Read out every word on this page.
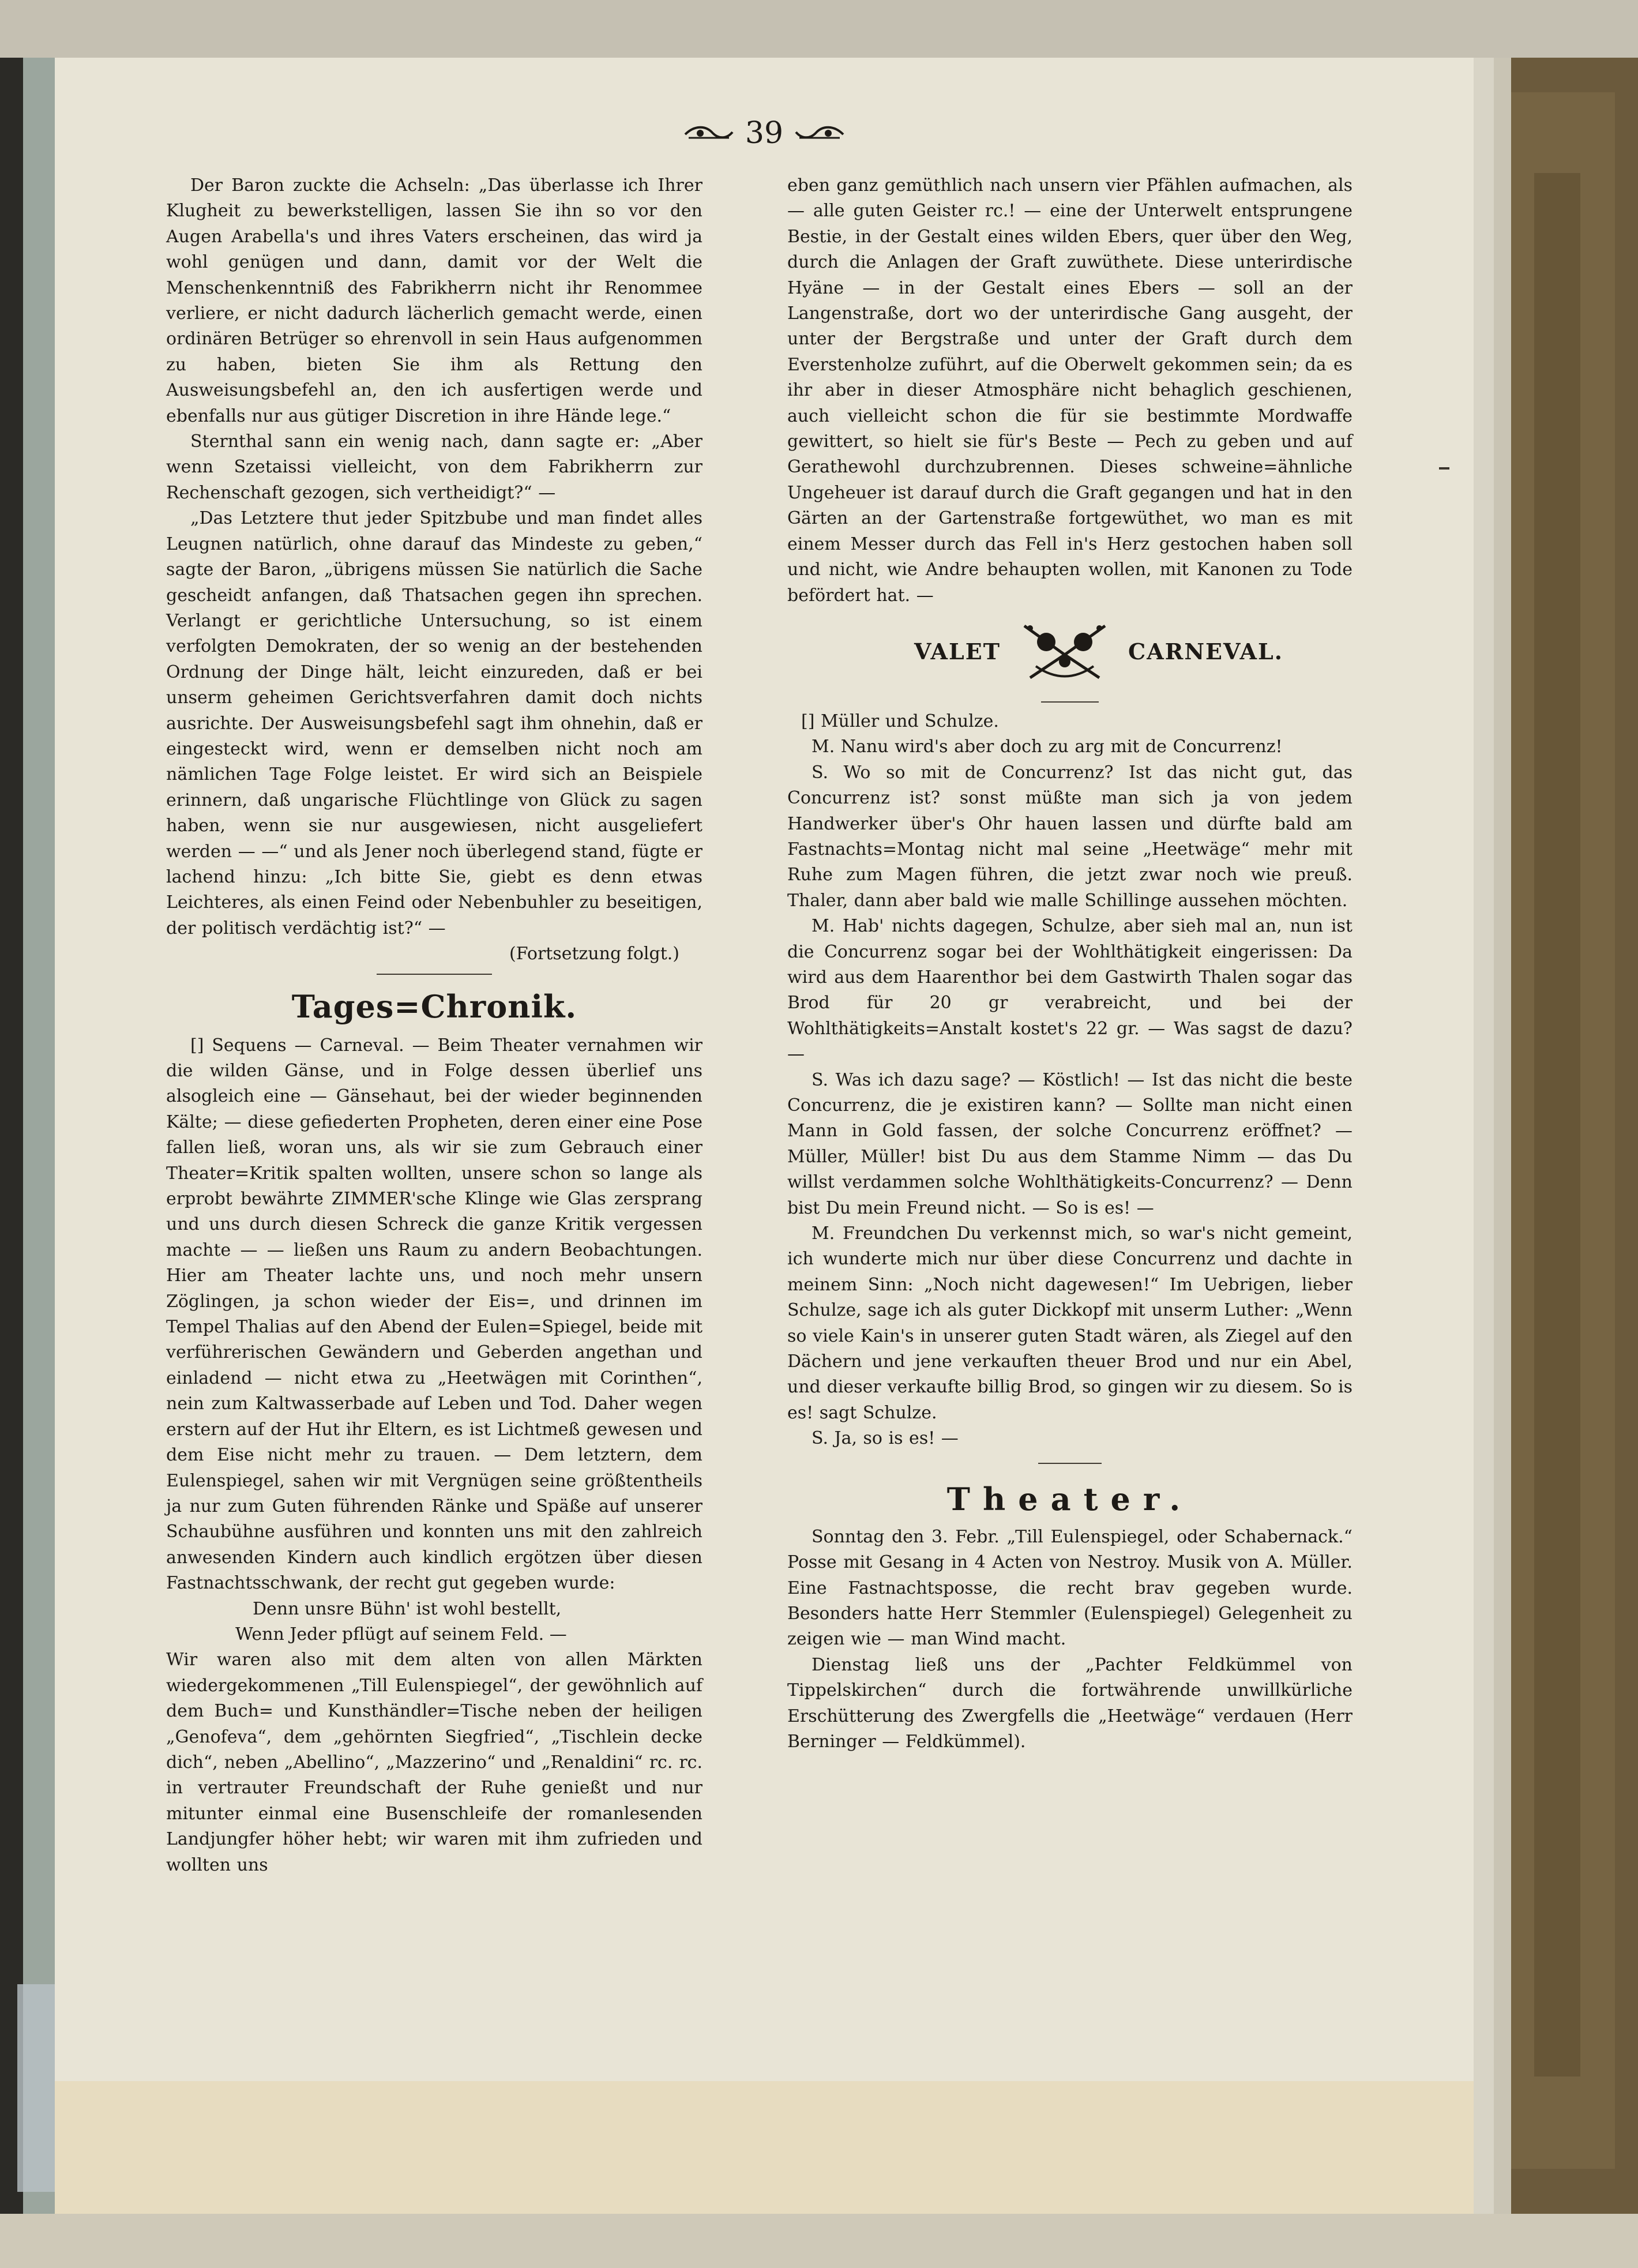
39

Der Baron zuckte die Achseln: „Das überlasse ich Ihrer Klugheit zu bewerkstelligen, lassen Sie ihn so vor den Augen Arabella's und ihres Vaters erscheinen, das wird ja wohl genügen und dann, damit vor der Welt die Menschenkenntniß des Fabrikherrn nicht ihr Renommee verliere, er nicht dadurch lächerlich gemacht werde, einen ordinären Betrüger so ehrenvoll in sein Haus aufgenommen zu haben, bieten Sie ihm als Rettung den Ausweisungsbefehl an, den ich ausfertigen werde und ebenfalls nur aus gütiger Discretion in ihre Hände lege.“

Sternthal sann ein wenig nach, dann sagte er: „Aber wenn Szetaissi vielleicht, von dem Fabrikherrn zur Rechenschaft gezogen, sich vertheidigt?“ —

„Das Letztere thut jeder Spitzbube und man findet alles Leugnen natürlich, ohne darauf das Mindeste zu geben,“ sagte der Baron, „übrigens müssen Sie natürlich die Sache gescheidt anfangen, daß Thatsachen gegen ihn sprechen. Verlangt er gerichtliche Untersuchung, so ist einem verfolgten Demokraten, der so wenig an der bestehenden Ordnung der Dinge hält, leicht einzureden, daß er bei unserm geheimen Gerichtsverfahren damit doch nichts ausrichte. Der Ausweisungsbefehl sagt ihm ohnehin, daß er eingesteckt wird, wenn er demselben nicht noch am nämlichen Tage Folge leistet. Er wird sich an Beispiele erinnern, daß ungarische Flüchtlinge von Glück zu sagen haben, wenn sie nur ausgewiesen, nicht ausgeliefert werden — —“ und als Jener noch überlegend stand, fügte er lachend hinzu: „Ich bitte Sie, giebt es denn etwas Leichteres, als einen Feind oder Nebenbuhler zu beseitigen, der politisch verdächtig ist?“ —

(Fortsetzung folgt.)
Tages=Chronik.

[] Sequens — Carneval. — Beim Theater vernahmen wir die wilden Gänse, und in Folge dessen überlief uns alsogleich eine — Gänsehaut, bei der wieder beginnenden Kälte; — diese gefiederten Propheten, deren einer eine Pose fallen ließ, woran uns, als wir sie zum Gebrauch einer Theater=Kritik spalten wollten, unsere schon so lange als erprobt bewährte ZIMMER'sche Klinge wie Glas zersprang und uns durch diesen Schreck die ganze Kritik vergessen machte — — ließen uns Raum zu andern Beobachtungen. Hier am Theater lachte uns, und noch mehr unsern Zöglingen, ja schon wieder der Eis=, und drinnen im Tempel Thalias auf den Abend der Eulen=Spiegel, beide mit verführerischen Gewändern und Geberden angethan und einladend — nicht etwa zu „Heetwägen mit Corinthen“, nein zum Kaltwasserbade auf Leben und Tod. Daher wegen erstern auf der Hut ihr Eltern, es ist Lichtmeß gewesen und dem Eise nicht mehr zu trauen. — Dem letztern, dem Eulenspiegel, sahen wir mit Vergnügen seine größtentheils ja nur zum Guten führenden Ränke und Späße auf unserer Schaubühne ausführen und konnten uns mit den zahlreich anwesenden Kindern auch kindlich ergötzen über diesen Fastnachtsschwank, der recht gut gegeben wurde:

Denn unsre Bühn' ist wohl bestellt,

Wenn Jeder pflügt auf seinem Feld. —

Wir waren also mit dem alten von allen Märkten wiedergekommenen „Till Eulenspiegel“, der gewöhnlich auf dem Buch= und Kunsthändler=Tische neben der heiligen „Genofeva“, dem „gehörnten Siegfried“, „Tischlein decke dich“, neben „Abellino“, „Mazzerino“ und „Renaldini“ rc. rc. in vertrauter Freundschaft der Ruhe genießt und nur mitunter einmal eine Busenschleife der romanlesenden Landjungfer höher hebt; wir waren mit ihm zufrieden und wollten uns

eben ganz gemüthlich nach unsern vier Pfählen aufmachen, als — alle guten Geister rc.! — eine der Unterwelt entsprungene Bestie, in der Gestalt eines wilden Ebers, quer über den Weg, durch die Anlagen der Graft zuwüthete. Diese unterirdische Hyäne — in der Gestalt eines Ebers — soll an der Langenstraße, dort wo der unterirdische Gang ausgeht, der unter der Bergstraße und unter der Graft durch dem Everstenholze zuführt, auf die Oberwelt gekommen sein; da es ihr aber in dieser Atmosphäre nicht behaglich geschienen, auch vielleicht schon die für sie bestimmte Mordwaffe gewittert, so hielt sie für's Beste — Pech zu geben und auf Gerathewohl durchzubrennen. Dieses schweine=ähnliche Ungeheuer ist darauf durch die Graft gegangen und hat in den Gärten an der Gartenstraße fortgewüthet, wo man es mit einem Messer durch das Fell in's Herz gestochen haben soll und nicht, wie Andre behaupten wollen, mit Kanonen zu Tode befördert hat. —

VALET	CARNEVAL.

[] Müller und Schulze.

M. Nanu wird's aber doch zu arg mit de Concurrenz!

S. Wo so mit de Concurrenz? Ist das nicht gut, das Concurrenz ist? sonst müßte man sich ja von jedem Handwerker über's Ohr hauen lassen und dürfte bald am Fastnachts=Montag nicht mal seine „Heetwäge“ mehr mit Ruhe zum Magen führen, die jetzt zwar noch wie preuß. Thaler, dann aber bald wie malle Schillinge aussehen möchten.

M. Hab' nichts dagegen, Schulze, aber sieh mal an, nun ist die Concurrenz sogar bei der Wohlthätigkeit eingerissen: Da wird aus dem Haarenthor bei dem Gastwirth Thalen sogar das Brod für 20 gr verabreicht, und bei der Wohlthätigkeits=Anstalt kostet's 22 gr. — Was sagst de dazu? —

S. Was ich dazu sage? — Köstlich! — Ist das nicht die beste Concurrenz, die je existiren kann? — Sollte man nicht einen Mann in Gold fassen, der solche Concurrenz eröffnet? — Müller, Müller! bist Du aus dem Stamme Nimm — das Du willst verdammen solche Wohlthätigkeits-Concurrenz? — Denn bist Du mein Freund nicht. — So is es! —

M. Freundchen Du verkennst mich, so war's nicht gemeint, ich wunderte mich nur über diese Concurrenz und dachte in meinem Sinn: „Noch nicht dagewesen!“ Im Uebrigen, lieber Schulze, sage ich als guter Dickkopf mit unserm Luther: „Wenn so viele Kain's in unserer guten Stadt wären, als Ziegel auf den Dächern und jene verkauften theuer Brod und nur ein Abel, und dieser verkaufte billig Brod, so gingen wir zu diesem. So is es! sagt Schulze.

S. Ja, so is es! —

Theater.

Sonntag den 3. Febr. „Till Eulenspiegel, oder Schabernack.“ Posse mit Gesang in 4 Acten von Nestroy. Musik von A. Müller. Eine Fastnachtsposse, die recht brav gegeben wurde. Besonders hatte Herr Stemmler (Eulenspiegel) Gelegenheit zu zeigen wie — man Wind macht.

Dienstag ließ uns der „Pachter Feldkümmel von Tippelskirchen“ durch die fortwährende unwillkürliche Erschütterung des Zwergfells die „Heetwäge“ verdauen (Herr Berninger — Feldkümmel).
